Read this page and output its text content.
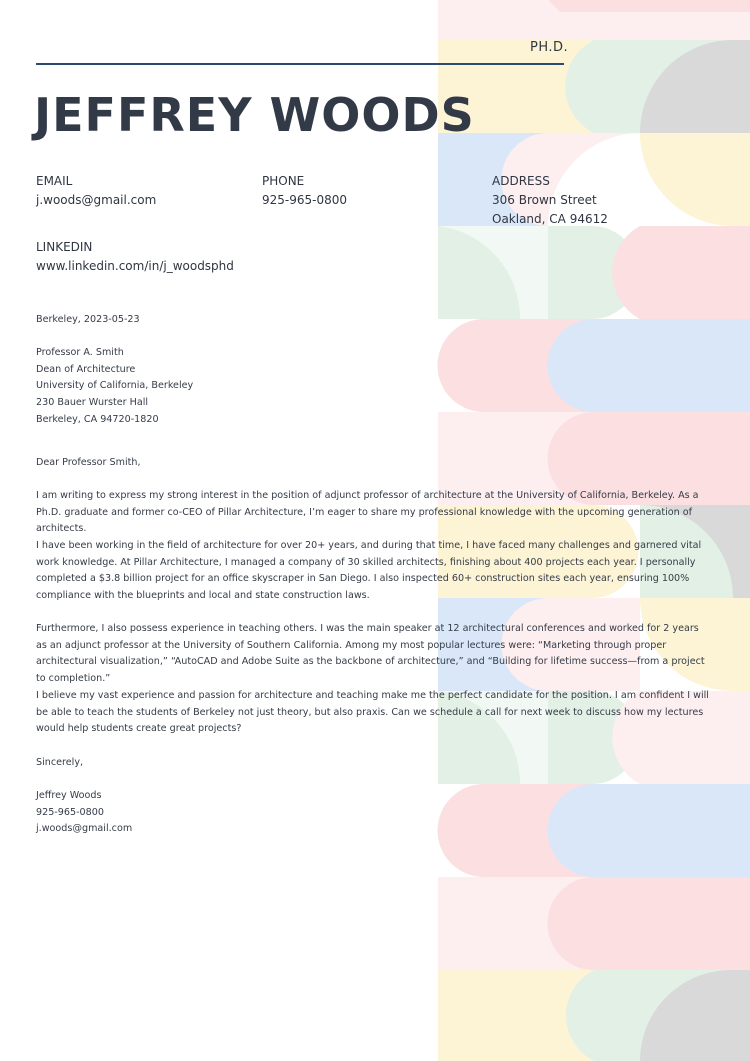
PH.D.
JEFFREY WOODS
EMAIL
j.woods@gmail.com
PHONE
925-965-0800
ADDRESS
306 Brown Street
Oakland, CA 94612
LINKEDIN
www.linkedin.com/in/j_woodsphd
Berkeley, 2023-05-23
Professor A. Smith
Dean of Architecture
University of California, Berkeley
230 Bauer Wurster Hall
Berkeley, CA 94720-1820
Dear Professor Smith,

I am writing to express my strong interest in the position of adjunct professor of architecture at the University of California, Berkeley. As a Ph.D. graduate and former co-CEO of Pillar Architecture, I’m eager to share my professional knowledge with the upcoming generation of architects.

I have been working in the field of architecture for over 20+ years, and during that time, I have faced many challenges and garnered vital work knowledge. At Pillar Architecture, I managed a company of 30 skilled architects, finishing about 400 projects each year. I personally completed a $3.8 billion project for an office skyscraper in San Diego. I also inspected 60+ construction sites each year, ensuring 100% compliance with the blueprints and local and state construction laws.

Furthermore, I also possess experience in teaching others. I was the main speaker at 12 architectural conferences and worked for 2 years as an adjunct professor at the University of Southern California. Among my most popular lectures were: “Marketing through proper architectural visualization,” “AutoCAD and Adobe Suite as the backbone of architecture,” and “Building for lifetime success—from a project to completion.”

I believe my vast experience and passion for architecture and teaching make me the perfect candidate for the position. I am confident I will be able to teach the students of Berkeley not just theory, but also praxis. Can we schedule a call for next week to discuss how my lectures would help students create great projects?

Sincerely,
Jeffrey Woods
925-965-0800
j.woods@gmail.com
